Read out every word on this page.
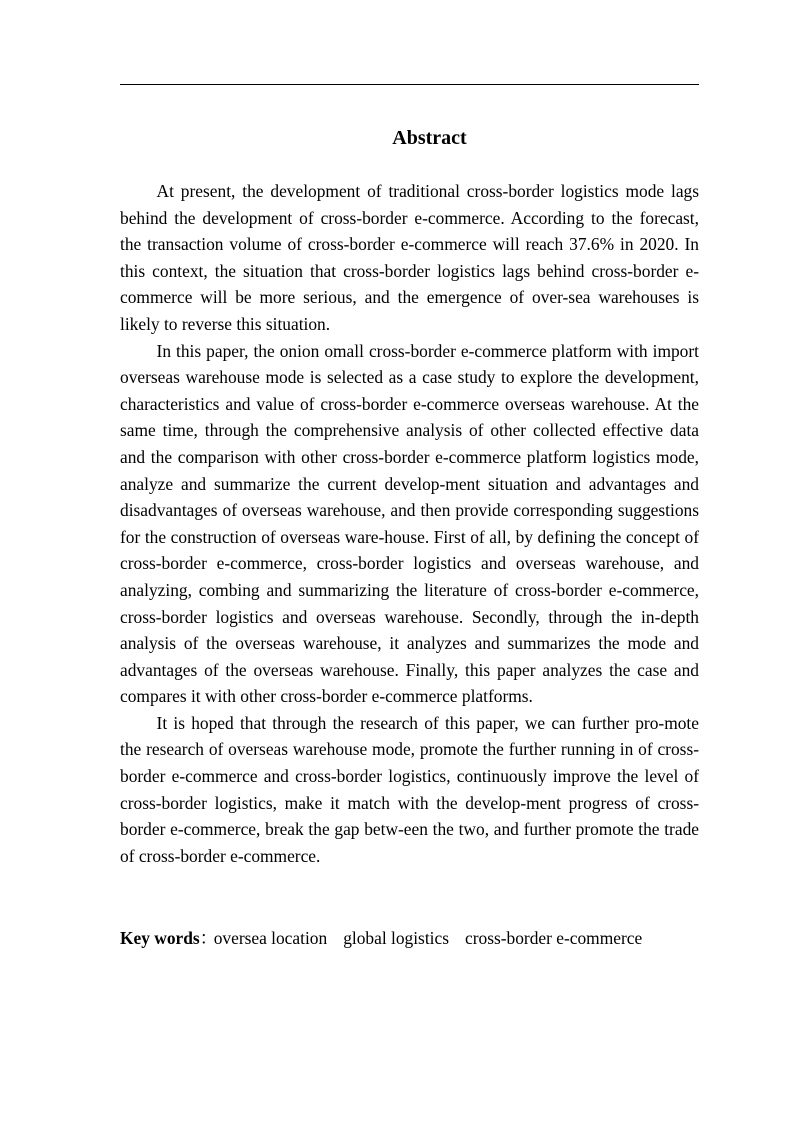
Abstract

At present, the development of traditional cross-border logistics mode lags behind the development of cross-border e-commerce. According to the forecast, the transaction volume of cross-border e-commerce will reach 37.6% in 2020. In this context, the situation that cross-border logistics lags behind cross-border e-commerce will be more serious, and the emergence of over-sea warehouses is likely to reverse this situation.

In this paper, the onion omall cross-border e-commerce platform with import overseas warehouse mode is selected as a case study to explore the development, characteristics and value of cross-border e-commerce overseas warehouse. At the same time, through the comprehensive analysis of other collected effective data and the comparison with other cross-border e-commerce platform logistics mode, analyze and summarize the current develop-ment situation and advantages and disadvantages of overseas warehouse, and then provide corresponding suggestions for the construction of overseas ware-house. First of all, by defining the concept of cross-border e-commerce, cross-border logistics and overseas warehouse, and analyzing, combing and summarizing the literature of cross-border e-commerce, cross-border logistics and overseas warehouse. Secondly, through the in-depth analysis of the overseas warehouse, it analyzes and summarizes the mode and advantages of the overseas warehouse. Finally, this paper analyzes the case and compares it with other cross-border e-commerce platforms.

It is hoped that through the research of this paper, we can further pro-mote the research of overseas warehouse mode, promote the further running in of cross-border e-commerce and cross-border logistics, continuously improve the level of cross-border logistics, make it match with the develop-ment progress of cross-border e-commerce, break the gap betw-een the two, and further promote the trade of cross-border e-commerce.

Key words：oversea location global logistics cross-border e-commerce
